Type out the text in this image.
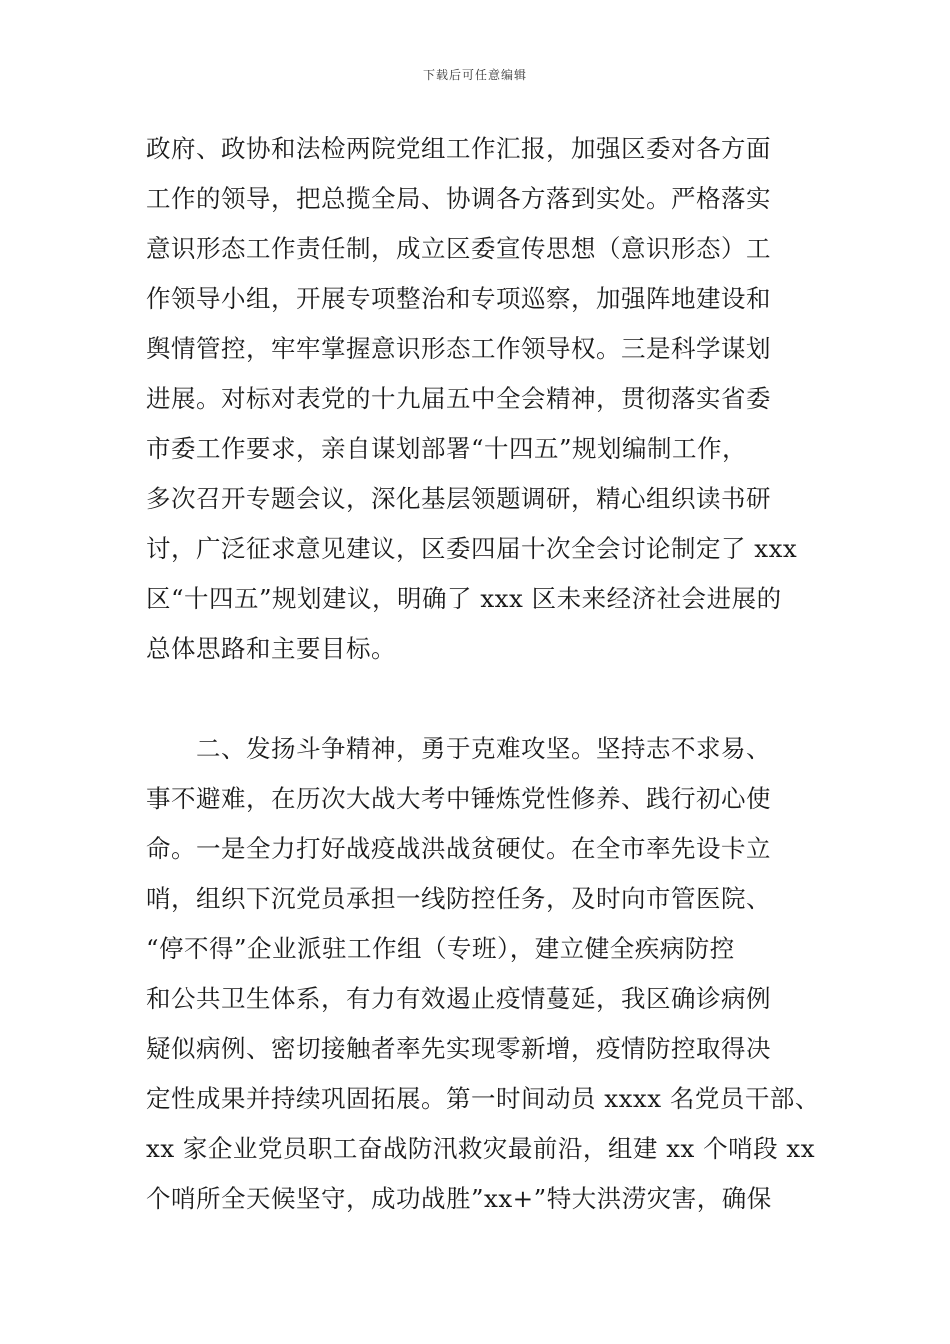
下载后可任意编辑
政府、政协和法检两院党组工作汇报，加强区委对各方面
工作的领导，把总揽全局、协调各方落到实处。严格落实
意识形态工作责任制，成立区委宣传思想（意识形态）工
作领导小组，开展专项整治和专项巡察，加强阵地建设和
舆情管控，牢牢掌握意识形态工作领导权。三是科学谋划
进展。对标对表党的十九届五中全会精神，贯彻落实省委
市委工作要求，亲自谋划部署“十四五”规划编制工作，
多次召开专题会议，深化基层领题调研，精心组织读书研
讨，广泛征求意见建议，区委四届十次全会讨论制定了 xxx
区“十四五”规划建议，明确了 xxx 区未来经济社会进展的
总体思路和主要目标。
二、发扬斗争精神，勇于克难攻坚。坚持志不求易、
事不避难，在历次大战大考中锤炼党性修养、践行初心使
命。一是全力打好战疫战洪战贫硬仗。在全市率先设卡立
哨，组织下沉党员承担一线防控任务，及时向市管医院、
“停不得”企业派驻工作组（专班），建立健全疾病防控
和公共卫生体系，有力有效遏止疫情蔓延，我区确诊病例
疑似病例、密切接触者率先实现零新增，疫情防控取得决
定性成果并持续巩固拓展。第一时间动员 xxxx 名党员干部、
xx 家企业党员职工奋战防汛救灾最前沿，组建 xx 个哨段 xx
个哨所全天候坚守，成功战胜”xx+”特大洪涝灾害，确保
